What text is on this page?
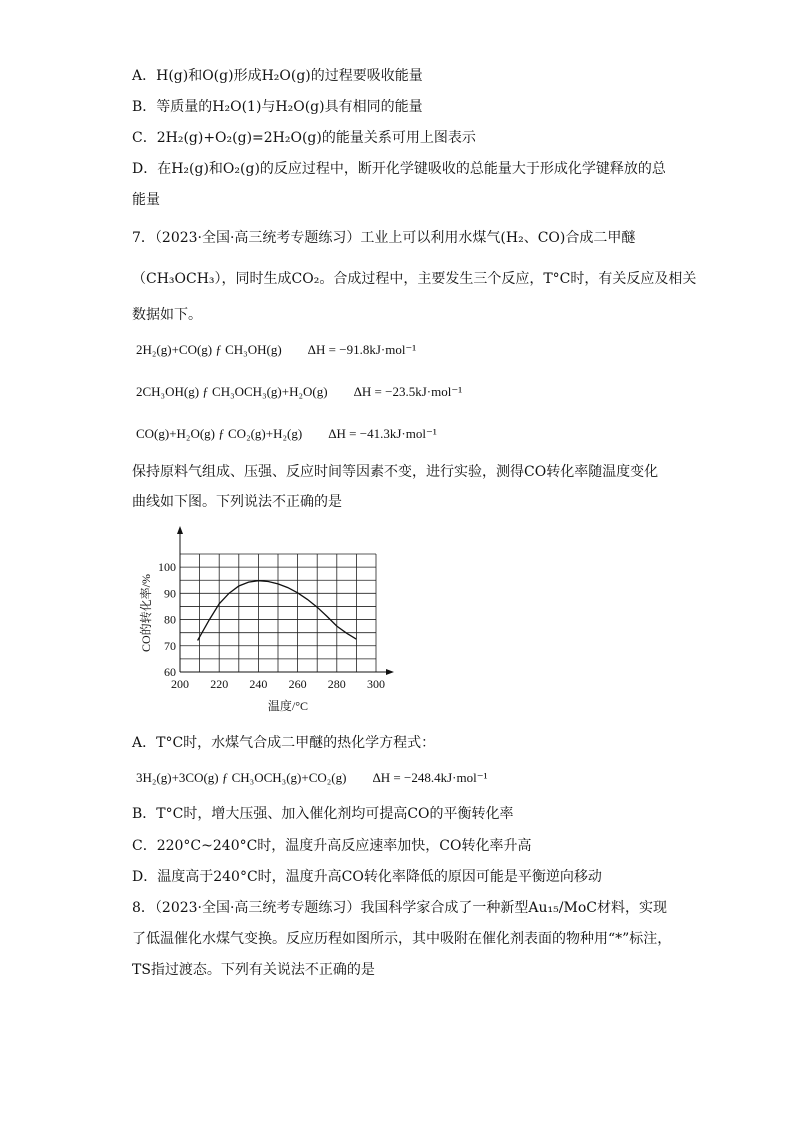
A．H(g)和O(g)形成H₂O(g)的过程要吸收能量
B．等质量的H₂O(1)与H₂O(g)具有相同的能量
C．2H₂(g)+O₂(g)=2H₂O(g)的能量关系可用上图表示
D．在H₂(g)和O₂(g)的反应过程中，断开化学键吸收的总能量大于形成化学键释放的总
能量
7．（2023·全国·高三统考专题练习）工业上可以利用水煤气(H₂、CO)合成二甲醚
（CH₃OCH₃），同时生成CO₂。合成过程中，主要发生三个反应，T°C时，有关反应及相关
数据如下。
2H₂(g)+CO(g) ƒ CH₃OH(g) ΔH = −91.8kJ·mol⁻¹
2CH₃OH(g) ƒ CH₃OCH₃(g)+H₂O(g) ΔH = −23.5kJ·mol⁻¹
CO(g)+H₂O(g) ƒ CO₂(g)+H₂(g) ΔH = −41.3kJ·mol⁻¹
保持原料气组成、压强、反应时间等因素不变，进行实验，测得CO转化率随温度变化
曲线如下图。下列说法不正确的是
200 220 240 260 280 300
60
70
80
90
100
CO的转化率/%
温度/°C
A．T°C时，水煤气合成二甲醚的热化学方程式：
3H₂(g)+3CO(g) ƒ CH₃OCH₃(g)+CO₂(g) ΔH = −248.4kJ·mol⁻¹
B．T°C时，增大压强、加入催化剂均可提高CO的平衡转化率
C．220°C~240°C时，温度升高反应速率加快，CO转化率升高
D．温度高于240°C时，温度升高CO转化率降低的原因可能是平衡逆向移动
8．（2023·全国·高三统考专题练习）我国科学家合成了一种新型Au₁₅/MoC材料，实现
了低温催化水煤气变换。反应历程如图所示，其中吸附在催化剂表面的物种用“*”标注，
TS指过渡态。下列有关说法不正确的是
